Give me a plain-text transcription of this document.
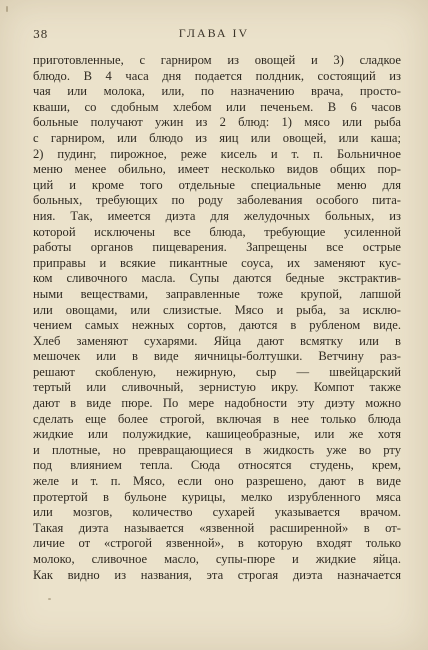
38	ГЛАВА IV
приготовленные, с гарниром из овощей и 3) сладкое
блюдо. В 4 часа дня подается полдник, состоящий из
чая или молока, или, по назначению врача, просто-
кваши, со сдобным хлебом или печеньем. В 6 часов
больные получают ужин из 2 блюд: 1) мясо или рыба
с гарниром, или блюдо из яиц или овощей, или каша;
2) пудинг, пирожное, реже кисель и т. п. Больничное
меню менее обильно, имеет несколько видов общих пор-
ций и кроме того отдельные специальные меню для
больных, требующих по роду заболевания особого пита-
ния. Так, имеется диэта для желудочных больных, из
которой исключены все блюда, требующие усиленной
работы органов пищеварения. Запрещены все острые
приправы и всякие пикантные соуса, их заменяют кус-
ком сливочного масла. Супы даются бедные экстрактив-
ными веществами, заправленные тоже крупой, лапшой
или овощами, или слизистые. Мясо и рыба, за исклю-
чением самых нежных сортов, даются в рубленом виде.
Хлеб заменяют сухарями. Яйца дают всмятку или в
мешочек или в виде яичницы-болтушки. Ветчину раз-
решают скобленую, нежирную, сыр — швейцарский
тертый или сливочный, зернистую икру. Компот также
дают в виде пюре. По мере надобности эту диэту можно
сделать еще более строгой, включая в нее только блюда
жидкие или полужидкие, кашицеобразные, или же хотя
и плотные, но превращающиеся в жидкость уже во рту
под влиянием тепла. Сюда относятся студень, крем,
желе и т. п. Мясо, если оно разрешено, дают в виде
протертой в бульоне курицы, мелко изрубленного мяса
или мозгов, количество сухарей указывается врачом.
Такая диэта называется «язвенной расширенной» в от-
личие от «строгой язвенной», в которую входят только
молоко, сливочное масло, супы-пюре и жидкие яйца.
Как видно из названия, эта строгая диэта назначается
